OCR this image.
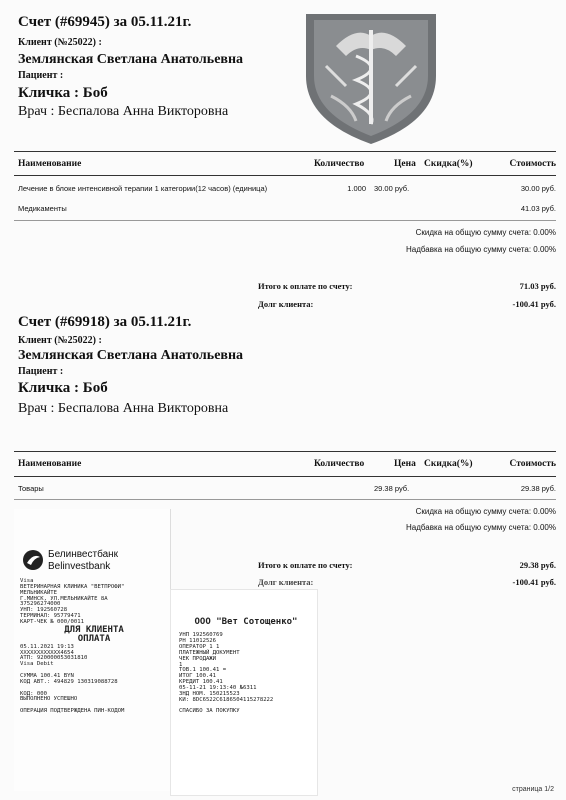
Счет (#69945) за 05.11.21г.
Клиент (№25022) :
Землянская Светлана Анатольевна
Пациент :
Кличка : Боб
Врач : Беспалова Анна Викторовна
Наименование	Количество	Цена Скидка(%)	Стоимость
Лечение в блоке интенсивной терапии 1 категории(12 часов) (единица)	1.000 30.00 руб.	30.00 руб.
Медикаменты	41.03 руб.
Скидка на общую сумму счета: 0.00%
Надбавка на общую сумму счета: 0.00%
Итого к оплате по счету:	71.03 руб.
Долг клиента:	-100.41 руб.
Счет (#69918) за 05.11.21г.
Клиент (№25022) :
Землянская Светлана Анатольевна
Пациент :
Кличка : Боб
Врач : Беспалова Анна Викторовна
Наименование	Количество	Цена Скидка(%)	Стоимость
Товары	29.38 руб.	29.38 руб.
Скидка на общую сумму счета: 0.00%
Надбавка на общую сумму счета: 0.00%
Итого к оплате по счету:	29.38 руб.
Долг клиента:	-100.41 руб.
Белинвестбанк
Belinvestbank
Visa
ВЕТЕРИНАРНАЯ КЛИНИКА "ВЕТПРОФИ"
МЕЛЬНИКАЙТЕ
Г.МИНСК, УЛ.МЕЛЬНИКАЙТЕ 8А
375296274000
УНП: 192560728
ТЕРМИНАЛ: 95779471
КАРТ-ЧЕК № 000/0011
ДЛЯ КЛИЕНТА
ОПЛАТА
05.11.2021 19:13
XXXXXXXXXXXX4654
АТП: 920000053031810
Visa Debit

СУММА 100.41 BYN
КОД АВТ.: 494829 130319088728

КОД: 000
ВЫПОЛНЕНО УСПЕШНО

ОПЕРАЦИЯ ПОДТВЕРЖДЕНА ПИН-КОДОМ
ООО "Вет Сотощенко"

УНП 192560769
РН 11012526
ОПЕРАТОР 1 1
ПЛАТЕЖНЫЙ ДОКУМЕНТ
ЧЕК ПРОДАЖИ
1
ТОВ.1 100.41 =
ИТОГ 100.41
КРЕДИТ 100.41
05-11-21 19:13:40 №6311
ЗНД НОМ. 150215523
КИ: 8DC6522C6186504115278222

СПАСИБО ЗА ПОКУПКУ
страница 1/2
